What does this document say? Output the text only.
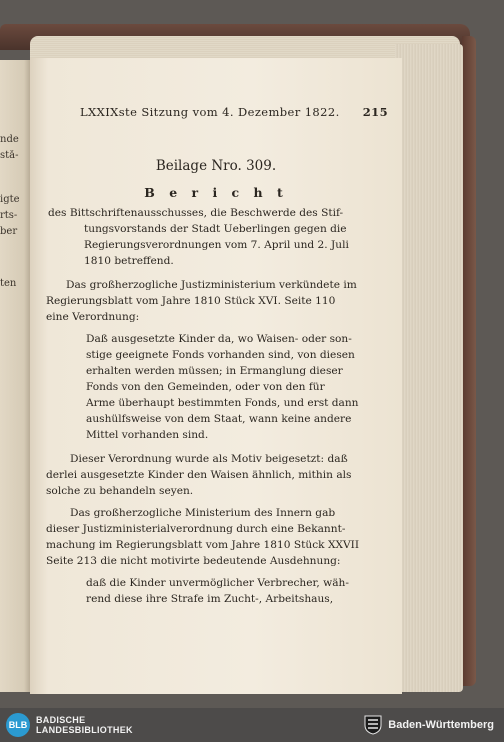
nde
stå-
igte
rts-
ber
ten
LXXIXste Sitzung vom 4. Dezember 1822. 215
Beilage Nro. 309.
B e r i c h t
des Bittschriftenausschusses, die Beschwerde des Stif-
tungsvorstands der Stadt Ueberlingen gegen die
Regierungsverordnungen vom 7. April und 2. Juli
1810 betreffend.
Das großherzogliche Justizministerium verkündete im
Regierungsblatt vom Jahre 1810 Stück XVI. Seite 110
eine Verordnung:
Daß ausgesetzte Kinder da, wo Waisen- oder son-
stige geeignete Fonds vorhanden sind, von diesen
erhalten werden müssen; in Ermanglung dieser
Fonds von den Gemeinden, oder von den für
Arme überhaupt bestimmten Fonds, und erst dann
aushülfsweise von dem Staat, wann keine andere
Mittel vorhanden sind.
Dieser Verordnung wurde als Motiv beigesetzt: daß
derlei ausgesetzte Kinder den Waisen ähnlich, mithin als
solche zu behandeln seyen.
Das großherzogliche Ministerium des Innern gab
dieser Justizministerialverordnung durch eine Bekannt-
machung im Regierungsblatt vom Jahre 1810 Stück XXVII
Seite 213 die nicht motivirte bedeutende Ausdehnung:
daß die Kinder unvermöglicher Verbrecher, wäh-
rend diese ihre Strafe im Zucht-, Arbeitshaus,
BLB BADISCHE
LANDESBIBLIOTHEK	Baden-Württemberg
